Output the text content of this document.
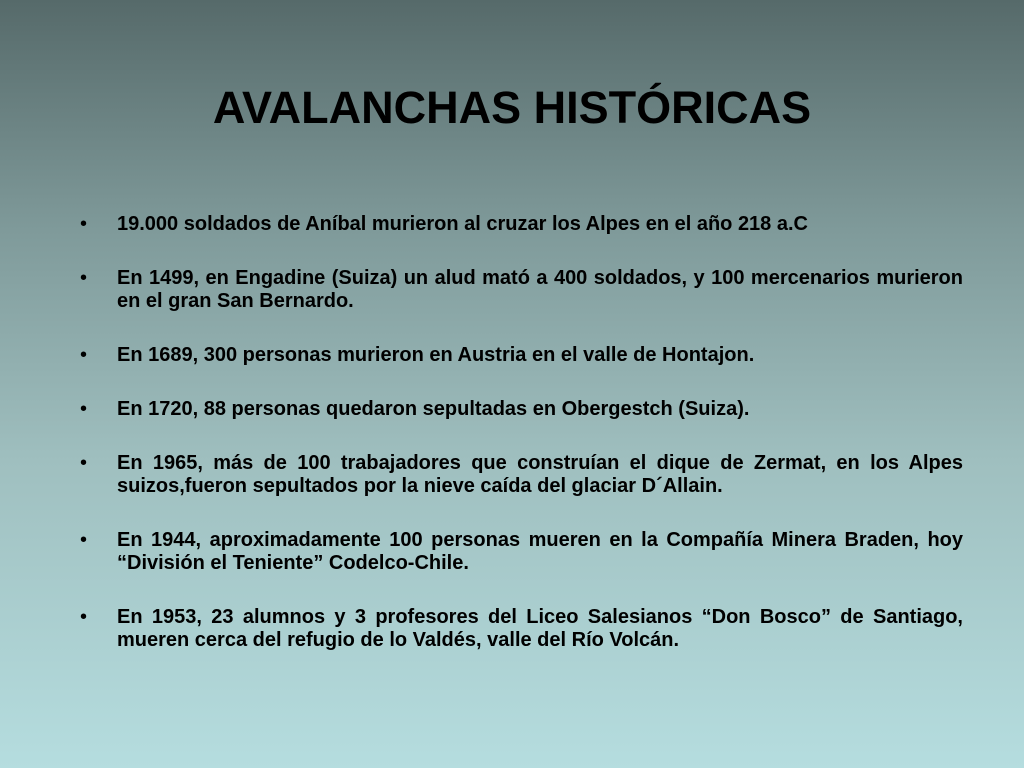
AVALANCHAS HISTÓRICAS
•	19.000 soldados de Aníbal murieron al cruzar los Alpes en el año 218 a.C
•	En 1499, en Engadine (Suiza) un alud mató a 400 soldados, y 100 mercenarios murieron en el gran San Bernardo.
•	En 1689, 300 personas murieron en Austria en el valle de Hontajon.
•	En 1720, 88 personas quedaron sepultadas en Obergestch (Suiza).
•	En 1965, más de 100 trabajadores que construían el dique de Zermat, en los Alpes suizos,fueron sepultados por la nieve caída del glaciar D´Allain.
•	En 1944, aproximadamente 100 personas mueren en la Compañía Minera Braden, hoy “División el Teniente” Codelco-Chile.
•	En 1953, 23 alumnos y 3 profesores del Liceo Salesianos “Don Bosco” de Santiago, mueren cerca del refugio de lo Valdés, valle del Río Volcán.
